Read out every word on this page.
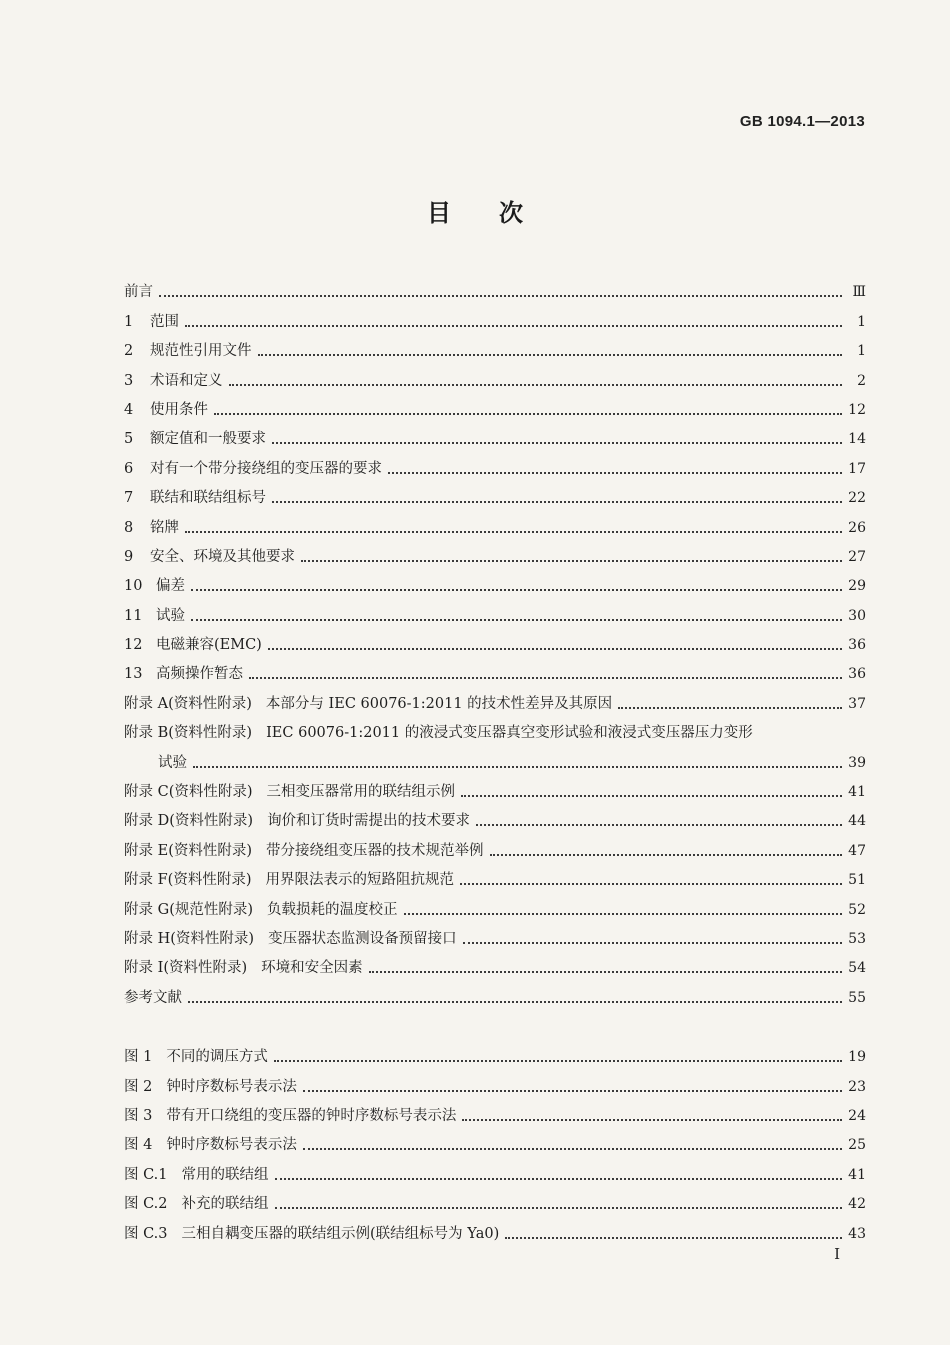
GB 1094.1—2013
目次
前言	Ⅲ
1 范围	1
2 规范性引用文件	1
3 术语和定义	2
4 使用条件	12
5 额定值和一般要求	14
6 对有一个带分接绕组的变压器的要求	17
7 联结和联结组标号	22
8 铭牌	26
9 安全、环境及其他要求	27
10 偏差	29
11 试验	30
12 电磁兼容(EMC)	36
13 高频操作暂态	36
附录 A(资料性附录) 本部分与 IEC 60076-1:2011 的技术性差异及其原因	37
附录 B(资料性附录) IEC 60076-1:2011 的液浸式变压器真空变形试验和液浸式变压器压力变形
试验	39
附录 C(资料性附录) 三相变压器常用的联结组示例	41
附录 D(资料性附录) 询价和订货时需提出的技术要求	44
附录 E(资料性附录) 带分接绕组变压器的技术规范举例	47
附录 F(资料性附录) 用界限法表示的短路阻抗规范	51
附录 G(规范性附录) 负载损耗的温度校正	52
附录 H(资料性附录) 变压器状态监测设备预留接口	53
附录 I(资料性附录) 环境和安全因素	54
参考文献	55
图 1 不同的调压方式	19
图 2 钟时序数标号表示法	23
图 3 带有开口绕组的变压器的钟时序数标号表示法	24
图 4 钟时序数标号表示法	25
图 C.1 常用的联结组	41
图 C.2 补充的联结组	42
图 C.3 三相自耦变压器的联结组示例(联结组标号为 Ya0)	43
I
